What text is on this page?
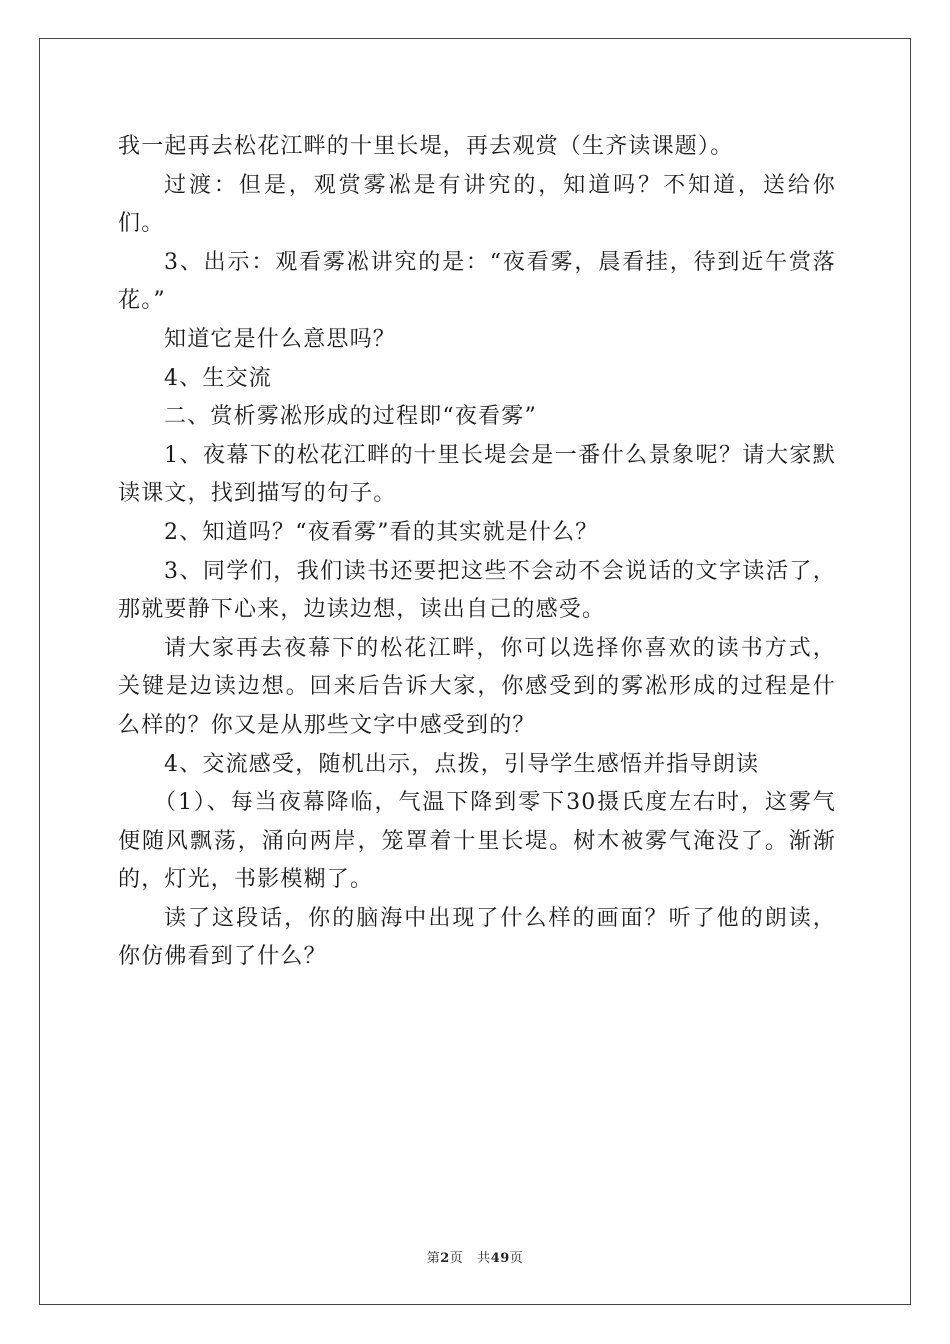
我一起再去松花江畔的十里长堤，再去观赏（生齐读课题）。

过渡：但是，观赏雾凇是有讲究的，知道吗？不知道，送给你们。

3、出示：观看雾凇讲究的是：“夜看雾，晨看挂，待到近午赏落花。”

知道它是什么意思吗？

4、生交流

二、赏析雾凇形成的过程即“夜看雾”

1、夜幕下的松花江畔的十里长堤会是一番什么景象呢？请大家默读课文，找到描写的句子。

2、知道吗？“夜看雾”看的其实就是什么？

3、同学们，我们读书还要把这些不会动不会说话的文字读活了，那就要静下心来，边读边想，读出自己的感受。

请大家再去夜幕下的松花江畔，你可以选择你喜欢的读书方式，关键是边读边想。回来后告诉大家，你感受到的雾凇形成的过程是什么样的？你又是从那些文字中感受到的？

4、交流感受，随机出示，点拨，引导学生感悟并指导朗读

（1）、每当夜幕降临，气温下降到零下30摄氏度左右时，这雾气便随风飘荡，涌向两岸，笼罩着十里长堤。树木被雾气淹没了。渐渐的，灯光，书影模糊了。

读了这段话，你的脑海中出现了什么样的画面？听了他的朗读，你仿佛看到了什么？

第2页 共49页
